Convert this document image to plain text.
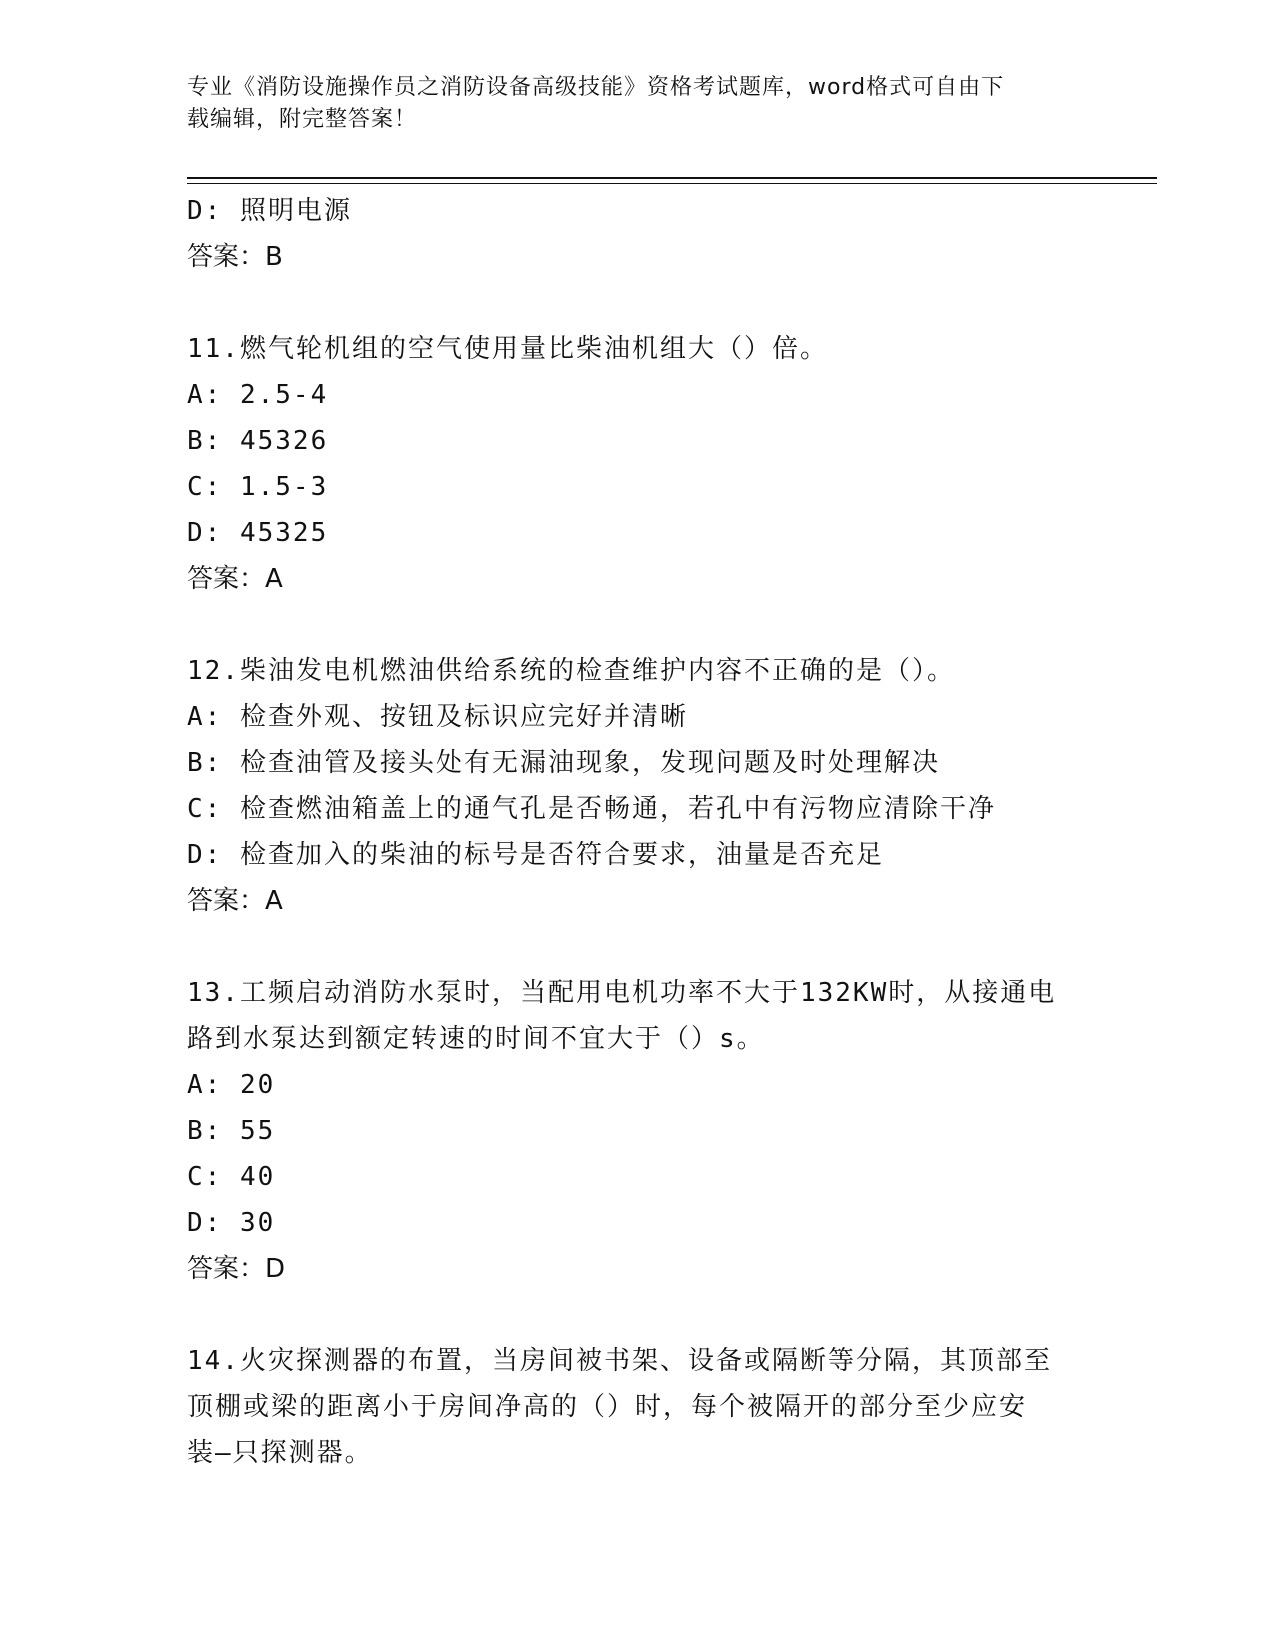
专业《消防设施操作员之消防设备高级技能》资格考试题库，word格式可自由下
载编辑，附完整答案！
D: 照明电源
答案：B
11.燃气轮机组的空气使用量比柴油机组大（）倍。
A: 2.5-4
B: 45326
C: 1.5-3
D: 45325
答案：A
12.柴油发电机燃油供给系统的检查维护内容不正确的是（）。
A: 检查外观、按钮及标识应完好并清晰
B: 检查油管及接头处有无漏油现象，发现问题及时处理解决
C: 检查燃油箱盖上的通气孔是否畅通，若孔中有污物应清除干净
D: 检查加入的柴油的标号是否符合要求，油量是否充足
答案：A
13.工频启动消防水泵时，当配用电机功率不大于132KW时，从接通电
路到水泵达到额定转速的时间不宜大于（）s。
A: 20
B: 55
C: 40
D: 30
答案：D
14.火灾探测器的布置，当房间被书架、设备或隔断等分隔，其顶部至
顶棚或梁的距离小于房间净高的（）时，每个被隔开的部分至少应安
装—只探测器。
